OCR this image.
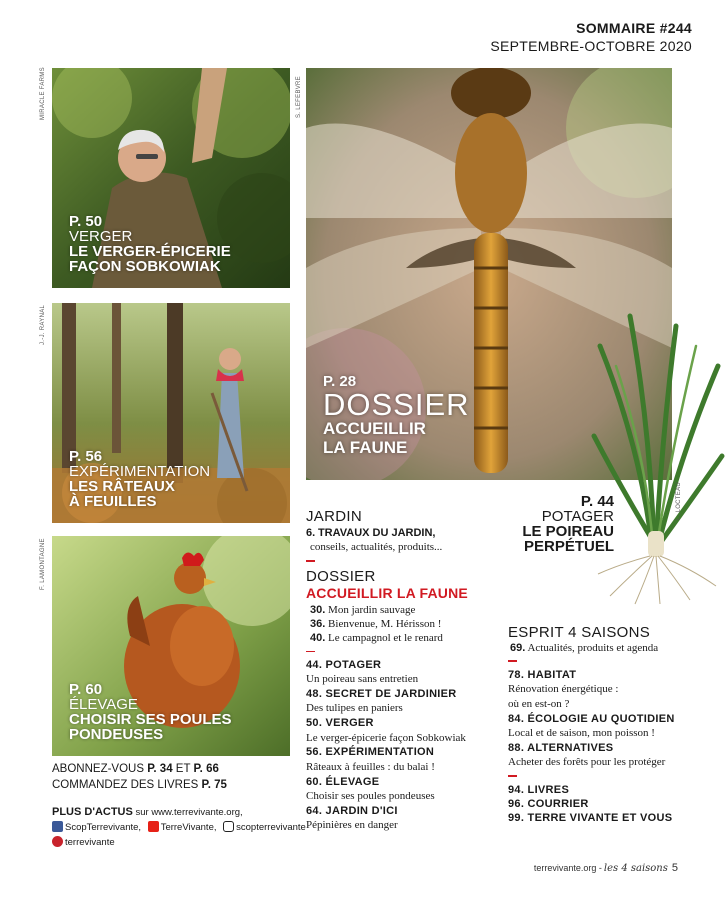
SOMMAIRE #244
SEPTEMBRE-OCTOBRE 2020
MIRACLE FARMS
P. 50
VERGER
LE VERGER-ÉPICERIE
FAÇON SOBKOWIAK
J.-J. RAYNAL
P. 56
EXPÉRIMENTATION
LES RÂTEAUX
À FEUILLES
F. LAMONTAGNE
P. 60
ÉLEVAGE
CHOISIR SES POULES
PONDEUSES
S. LEFEBVRE
P. 28
DOSSIER
ACCUEILLIR
LA FAUNE
L. LOCTEAU
P. 44
POTAGER
LE POIREAU
PERPÉTUEL
ABONNEZ-VOUS P. 34 ET P. 66
COMMANDEZ DES LIVRES P. 75
PLUS D'ACTUS sur www.terrevivante.org,
ScopTerrevivante, TerreVivante, scopterrevivante
terrevivante
JARDIN
6. TRAVAUX DU JARDIN,
conseils, actualités, produits...
DOSSIER
ACCUEILLIR LA FAUNE
30. Mon jardin sauvage
36. Bienvenue, M. Hérisson !
40. Le campagnol et le renard
44. POTAGER
Un poireau sans entretien
48. SECRET DE JARDINIER
Des tulipes en paniers
50. VERGER
Le verger-épicerie façon Sobkowiak
56. EXPÉRIMENTATION
Râteaux à feuilles : du balai !
60. ÉLEVAGE
Choisir ses poules pondeuses
64. JARDIN D'ICI
Pépinières en danger
ESPRIT 4 SAISONS
69. Actualités, produits et agenda
78. HABITAT
Rénovation énergétique :
où en est-on ?
84. ÉCOLOGIE AU QUOTIDIEN
Local et de saison, mon poisson !
88. ALTERNATIVES
Acheter des forêts pour les protéger
94. LIVRES
96. COURRIER
99. TERRE VIVANTE ET VOUS
terrevivante.org - les 4 saisons 5
